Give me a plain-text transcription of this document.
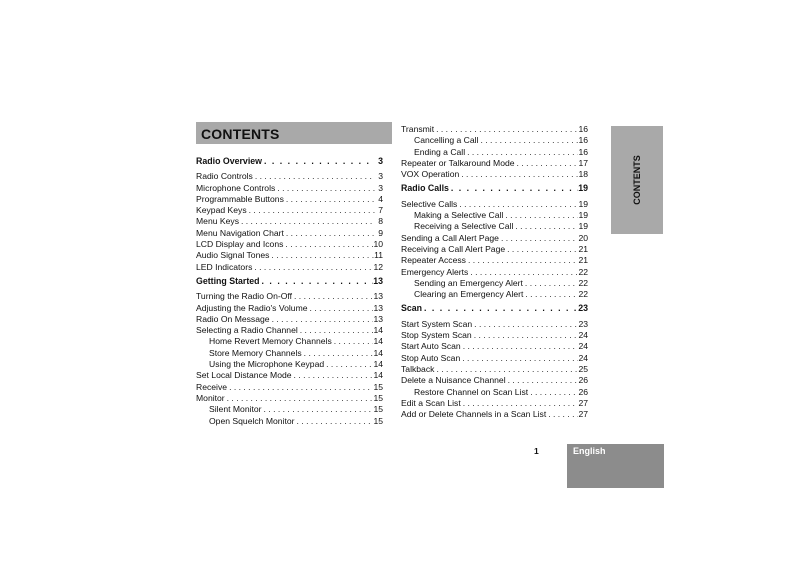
CONTENTS
Radio Overview . . .	3
Radio Controls . . .	3
Microphone Controls . . .	3
Programmable Buttons . . .	4
Keypad Keys . . .	7
Menu Keys . . .	8
Menu Navigation Chart . . .	9
LCD Display and Icons . . .	10
Audio Signal Tones . . .	11
LED Indicators . . .	12
Getting Started . . .	13
Turning the Radio On-Off . . .	13
Adjusting the Radio's Volume . . .	13
Radio On Message . . .	13
Selecting a Radio Channel . . .	14
Home Revert Memory Channels . . .	14
Store Memory Channels . . .	14
Using the Microphone Keypad . . .	14
Set Local Distance Mode . . .	14
Receive . . .	15
Monitor . . .	15
Silent Monitor . . .	15
Open Squelch Monitor . . .	15
Transmit . . .	16
Cancelling a Call . . .	16
Ending a Call . . .	16
Repeater or Talkaround Mode . . .	17
VOX Operation . . .	18
Radio Calls . . .	19
Selective Calls . . .	19
Making a Selective Call . . .	19
Receiving a Selective Call . . .	19
Sending a Call Alert Page . . .	20
Receiving a Call Alert Page . . .	21
Repeater Access . . .	21
Emergency Alerts . . .	22
Sending an Emergency Alert . . .	22
Clearing an Emergency Alert . . .	22
Scan . . .	23
Start System Scan . . .	23
Stop System Scan . . .	24
Start Auto Scan . . .	24
Stop Auto Scan . . .	24
Talkback . . .	25
Delete a Nuisance Channel . . .	26
Restore Channel on Scan List . . .	26
Edit a Scan List . . .	27
Add or Delete Channels in a Scan List . . .	27
CONTENTS
1	English
